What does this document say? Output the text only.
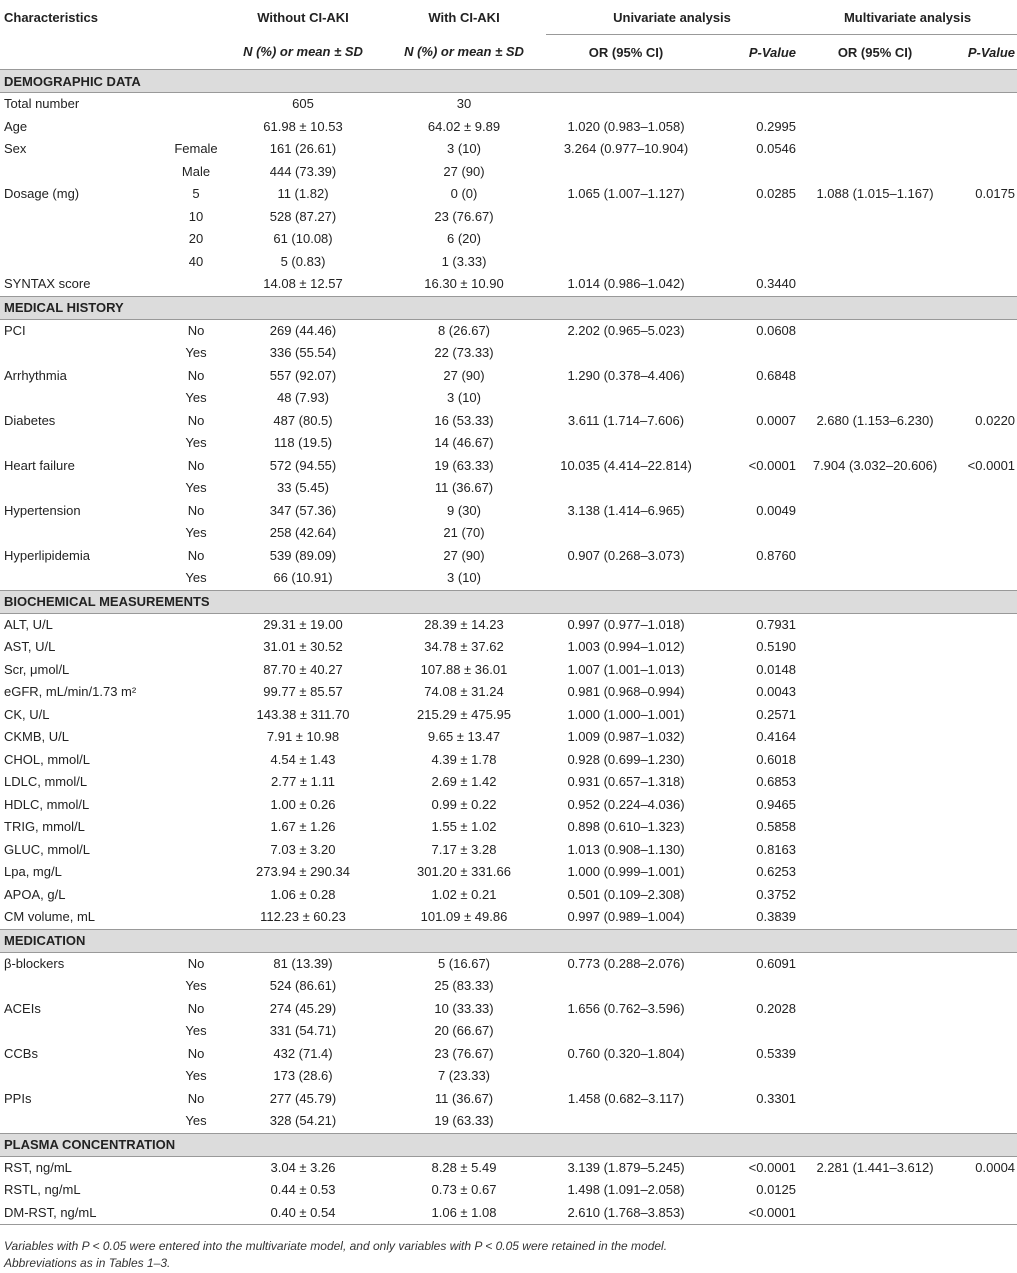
Characteristics		Without CI-AKI	With CI-AKI	Univariate analysis		Multivariate analysis	
		N (%) or mean ± SD	N (%) or mean ± SD	OR (95% CI)	P-Value	OR (95% CI)	P-Value
DEMOGRAPHIC DATA							
Total number		605	30				
Age		61.98 ± 10.53	64.02 ± 9.89	1.020 (0.983–1.058)	0.2995		
Sex	Female	161 (26.61)	3 (10)	3.264 (0.977–10.904)	0.0546		
	Male	444 (73.39)	27 (90)				
Dosage (mg)	5	11 (1.82)	0 (0)	1.065 (1.007–1.127)	0.0285	1.088 (1.015–1.167)	0.0175
	10	528 (87.27)	23 (76.67)				
	20	61 (10.08)	6 (20)				
	40	5 (0.83)	1 (3.33)				
SYNTAX score		14.08 ± 12.57	16.30 ± 10.90	1.014 (0.986–1.042)	0.3440		
MEDICAL HISTORY							
PCI	No	269 (44.46)	8 (26.67)	2.202 (0.965–5.023)	0.0608		
	Yes	336 (55.54)	22 (73.33)				
Arrhythmia	No	557 (92.07)	27 (90)	1.290 (0.378–4.406)	0.6848		
	Yes	48 (7.93)	3 (10)				
Diabetes	No	487 (80.5)	16 (53.33)	3.611 (1.714–7.606)	0.0007	2.680 (1.153–6.230)	0.0220
	Yes	118 (19.5)	14 (46.67)				
Heart failure	No	572 (94.55)	19 (63.33)	10.035 (4.414–22.814)	<0.0001	7.904 (3.032–20.606)	<0.0001
	Yes	33 (5.45)	11 (36.67)				
Hypertension	No	347 (57.36)	9 (30)	3.138 (1.414–6.965)	0.0049		
	Yes	258 (42.64)	21 (70)				
Hyperlipidemia	No	539 (89.09)	27 (90)	0.907 (0.268–3.073)	0.8760		
	Yes	66 (10.91)	3 (10)				
BIOCHEMICAL MEASUREMENTS							
ALT, U/L		29.31 ± 19.00	28.39 ± 14.23	0.997 (0.977–1.018)	0.7931		
AST, U/L		31.01 ± 30.52	34.78 ± 37.62	1.003 (0.994–1.012)	0.5190		
Scr, μmol/L		87.70 ± 40.27	107.88 ± 36.01	1.007 (1.001–1.013)	0.0148		
eGFR, mL/min/1.73 m²		99.77 ± 85.57	74.08 ± 31.24	0.981 (0.968–0.994)	0.0043		
CK, U/L		143.38 ± 311.70	215.29 ± 475.95	1.000 (1.000–1.001)	0.2571		
CKMB, U/L		7.91 ± 10.98	9.65 ± 13.47	1.009 (0.987–1.032)	0.4164		
CHOL, mmol/L		4.54 ± 1.43	4.39 ± 1.78	0.928 (0.699–1.230)	0.6018		
LDLC, mmol/L		2.77 ± 1.11	2.69 ± 1.42	0.931 (0.657–1.318)	0.6853		
HDLC, mmol/L		1.00 ± 0.26	0.99 ± 0.22	0.952 (0.224–4.036)	0.9465		
TRIG, mmol/L		1.67 ± 1.26	1.55 ± 1.02	0.898 (0.610–1.323)	0.5858		
GLUC, mmol/L		7.03 ± 3.20	7.17 ± 3.28	1.013 (0.908–1.130)	0.8163		
Lpa, mg/L		273.94 ± 290.34	301.20 ± 331.66	1.000 (0.999–1.001)	0.6253		
APOA, g/L		1.06 ± 0.28	1.02 ± 0.21	0.501 (0.109–2.308)	0.3752		
CM volume, mL		112.23 ± 60.23	101.09 ± 49.86	0.997 (0.989–1.004)	0.3839		
MEDICATION							
β-blockers	No	81 (13.39)	5 (16.67)	0.773 (0.288–2.076)	0.6091		
	Yes	524 (86.61)	25 (83.33)				
ACEIs	No	274 (45.29)	10 (33.33)	1.656 (0.762–3.596)	0.2028		
	Yes	331 (54.71)	20 (66.67)				
CCBs	No	432 (71.4)	23 (76.67)	0.760 (0.320–1.804)	0.5339		
	Yes	173 (28.6)	7 (23.33)				
PPIs	No	277 (45.79)	11 (36.67)	1.458 (0.682–3.117)	0.3301		
	Yes	328 (54.21)	19 (63.33)				
PLASMA CONCENTRATION							
RST, ng/mL		3.04 ± 3.26	8.28 ± 5.49	3.139 (1.879–5.245)	<0.0001	2.281 (1.441–3.612)	0.0004
RSTL, ng/mL		0.44 ± 0.53	0.73 ± 0.67	1.498 (1.091–2.058)	0.0125		
DM-RST, ng/mL		0.40 ± 0.54	1.06 ± 1.08	2.610 (1.768–3.853)	<0.0001		
Variables with P < 0.05 were entered into the multivariate model, and only variables with P < 0.05 were retained in the model.
Abbreviations as in Tables 1–3.
